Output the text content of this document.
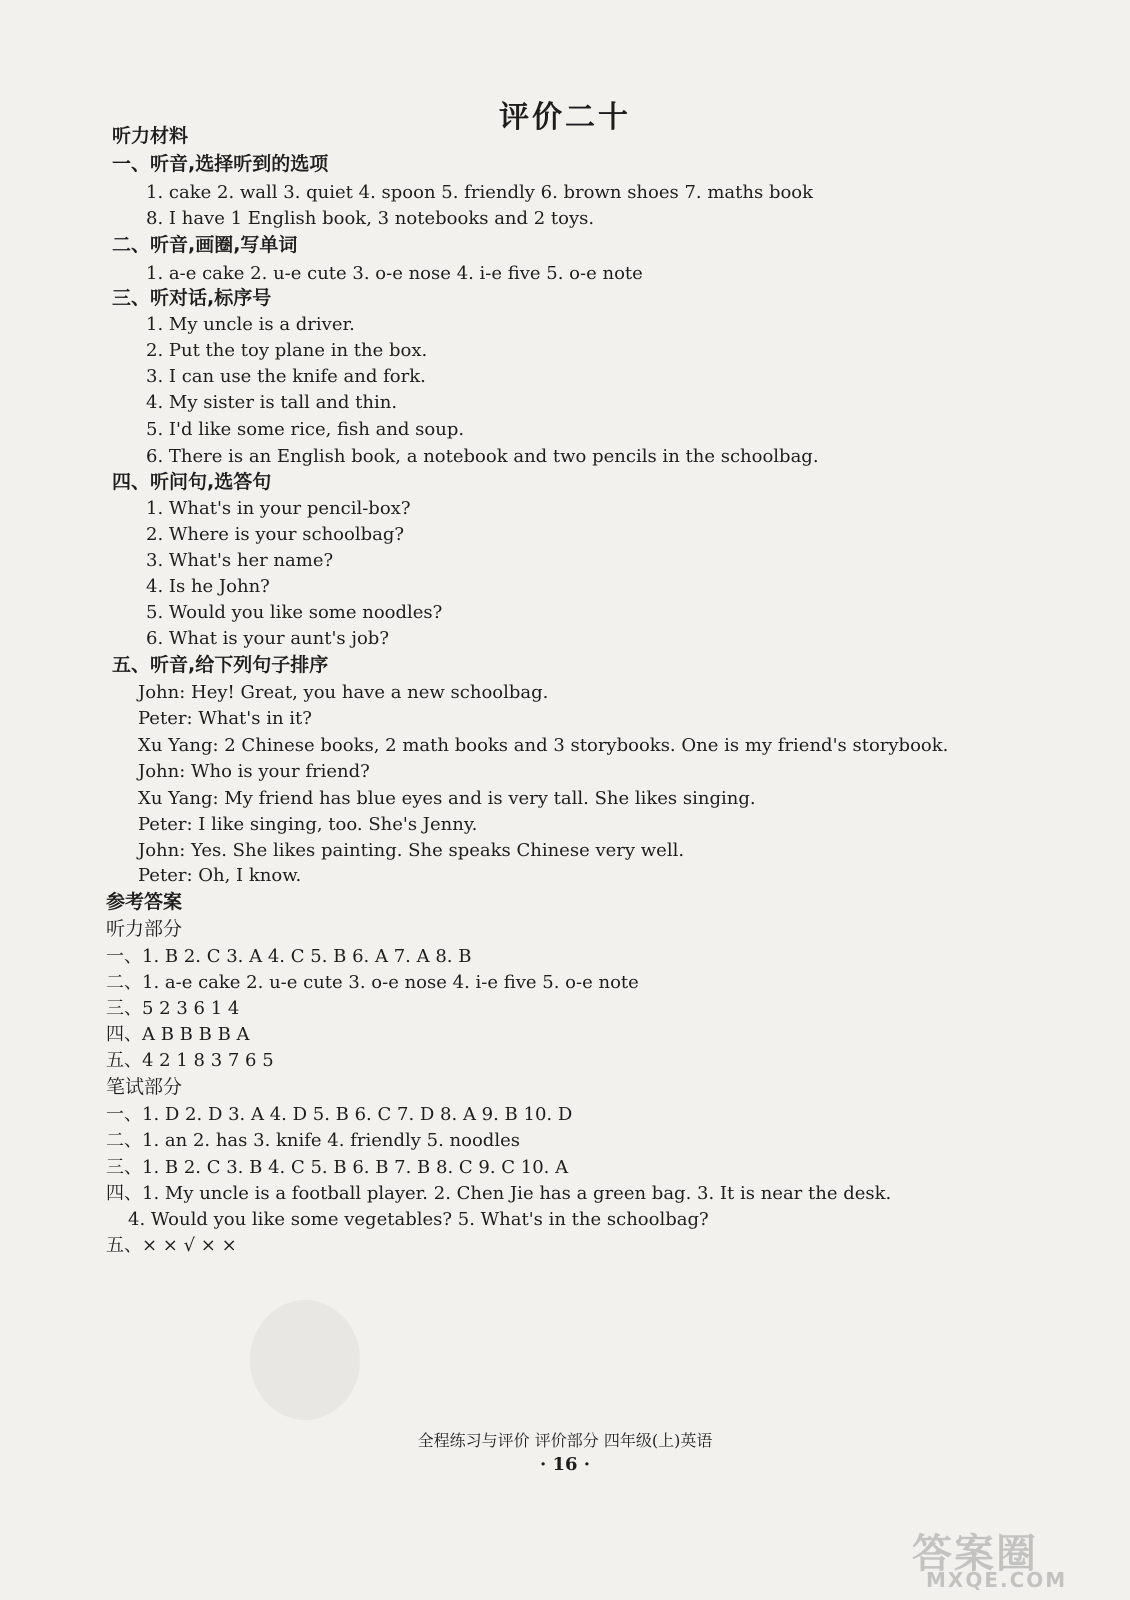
评价二十
听力材料
一、听音,选择听到的选项
1. cake 2. wall 3. quiet 4. spoon 5. friendly 6. brown shoes 7. maths book
8. I have 1 English book, 3 notebooks and 2 toys.
二、听音,画圈,写单词
1. a-e cake 2. u-e cute 3. o-e nose 4. i-e five 5. o-e note
三、听对话,标序号
1. My uncle is a driver.
2. Put the toy plane in the box.
3. I can use the knife and fork.
4. My sister is tall and thin.
5. I'd like some rice, fish and soup.
6. There is an English book, a notebook and two pencils in the schoolbag.
四、听问句,选答句
1. What's in your pencil-box?
2. Where is your schoolbag?
3. What's her name?
4. Is he John?
5. Would you like some noodles?
6. What is your aunt's job?
五、听音,给下列句子排序
John: Hey! Great, you have a new schoolbag.
Peter: What's in it?
Xu Yang: 2 Chinese books, 2 math books and 3 storybooks. One is my friend's storybook.
John: Who is your friend?
Xu Yang: My friend has blue eyes and is very tall. She likes singing.
Peter: I like singing, too. She's Jenny.
John: Yes. She likes painting. She speaks Chinese very well.
Peter: Oh, I know.
参考答案
听力部分
一、1. B 2. C 3. A 4. C 5. B 6. A 7. A 8. B
二、1. a-e cake 2. u-e cute 3. o-e nose 4. i-e five 5. o-e note
三、5 2 3 6 1 4
四、A B B B B A
五、4 2 1 8 3 7 6 5
笔试部分
一、1. D 2. D 3. A 4. D 5. B 6. C 7. D 8. A 9. B 10. D
二、1. an 2. has 3. knife 4. friendly 5. noodles
三、1. B 2. C 3. B 4. C 5. B 6. B 7. B 8. C 9. C 10. A
四、1. My uncle is a football player. 2. Chen Jie has a green bag. 3. It is near the desk.
4. Would you like some vegetables? 5. What's in the schoolbag?
五、× × √ × ×
全程练习与评价 评价部分 四年级(上)英语
· 16 ·
答案圈
MXQE.COM
